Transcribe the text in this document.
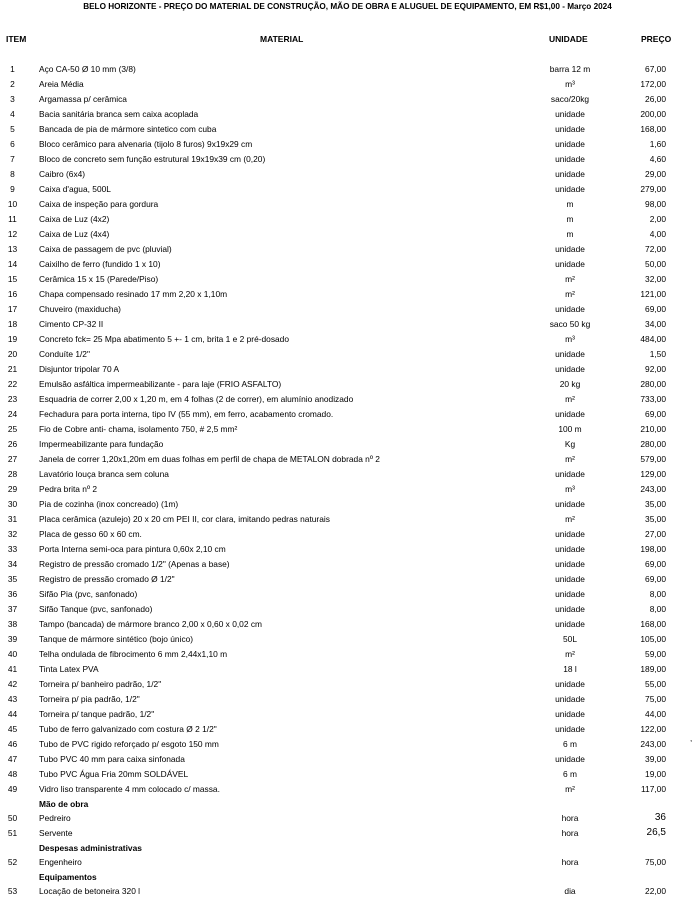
BELO HORIZONTE - PREÇO DO MATERIAL DE CONSTRUÇÃO, MÃO DE OBRA E ALUGUEL DE EQUIPAMENTO, EM R$1,00 - Março 2024
ITEM	MATERIAL	UNIDADE	PREÇO
1	Aço CA-50 Ø 10 mm (3/8)	barra 12 m	67,00
2	Areia Média	m³	172,00
3	Argamassa p/ cerâmica	saco/20kg	26,00
4	Bacia sanitária branca sem caixa acoplada	unidade	200,00
5	Bancada de pia de mármore sintetico com cuba	unidade	168,00
6	Bloco cerâmico para alvenaria (tijolo 8 furos) 9x19x29 cm	unidade	1,60
7	Bloco de concreto sem função estrutural 19x19x39 cm (0,20)	unidade	4,60
8	Caibro (6x4)	unidade	29,00
9	Caixa d'agua, 500L	unidade	279,00
10	Caixa de inspeção para gordura	m	98,00
11	Caixa de Luz (4x2)	m	2,00
12	Caixa de Luz (4x4)	m	4,00
13	Caixa de passagem de pvc (pluvial)	unidade	72,00
14	Caixilho de ferro (fundido 1 x 10)	unidade	50,00
15	Cerâmica 15 x 15 (Parede/Piso)	m²	32,00
16	Chapa compensado resinado 17 mm 2,20 x 1,10m	m²	121,00
17	Chuveiro (maxiducha)	unidade	69,00
18	Cimento CP-32 II	saco 50 kg	34,00
19	Concreto fck= 25 Mpa abatimento 5 +- 1 cm, brita 1 e 2 pré-dosado	m³	484,00
20	Conduíte 1/2"	unidade	1,50
21	Disjuntor tripolar 70 A	unidade	92,00
22	Emulsão asfáltica impermeabilizante - para laje (FRIO ASFALTO)	20 kg	280,00
23	Esquadria de correr 2,00 x 1,20 m, em 4 folhas (2 de correr), em alumínio anodizado	m²	733,00
24	Fechadura para porta interna, tipo IV (55 mm), em ferro, acabamento cromado.	unidade	69,00
25	Fio de Cobre anti- chama, isolamento 750, # 2,5 mm²	100 m	210,00
26	Impermeabilizante para fundação	Kg	280,00
27	Janela de correr 1,20x1,20m em duas folhas em perfil de chapa de METALON dobrada nº 2	m²	579,00
28	Lavatório louça branca sem coluna	unidade	129,00
29	Pedra brita nº 2	m³	243,00
30	Pia de cozinha (inox concreado) (1m)	unidade	35,00
31	Placa cerâmica (azulejo) 20 x 20 cm PEI II, cor clara, imitando pedras naturais	m²	35,00
32	Placa de gesso 60 x 60 cm.	unidade	27,00
33	Porta Interna semi-oca para pintura 0,60x 2,10 cm	unidade	198,00
34	Registro de pressão cromado 1/2" (Apenas a base)	unidade	69,00
35	Registro de pressão cromado Ø 1/2"	unidade	69,00
36	Sifão Pia (pvc, sanfonado)	unidade	8,00
37	Sifão Tanque (pvc, sanfonado)	unidade	8,00
38	Tampo (bancada) de mármore branco 2,00 x 0,60 x 0,02 cm	unidade	168,00
39	Tanque de mármore sintético (bojo único)	50L	105,00
40	Telha ondulada de fibrocimento 6 mm 2,44x1,10 m	m²	59,00
41	Tinta Latex PVA	18 l	189,00
42	Torneira p/ banheiro padrão, 1/2"	unidade	55,00
43	Torneira p/ pia padrão, 1/2"	unidade	75,00
44	Torneira p/ tanque padrão, 1/2"	unidade	44,00
45	Tubo de ferro galvanizado com costura Ø 2 1/2"	unidade	122,00
46	Tubo de PVC rigido reforçado p/ esgoto 150 mm	6 m	243,00
47	Tubo PVC 40 mm para caixa sinfonada	unidade	39,00
48	Tubo PVC Água Fria 20mm SOLDÁVEL	6 m	19,00
49	Vidro liso transparente 4 mm colocado c/ massa.	m²	117,00
Mão de obra
50	Pedreiro	hora	36
51	Servente	hora	26,5
Despesas administrativas
52	Engenheiro	hora	75,00
Equipamentos
53	Locação de betoneira 320 l	dia	22,00
,
